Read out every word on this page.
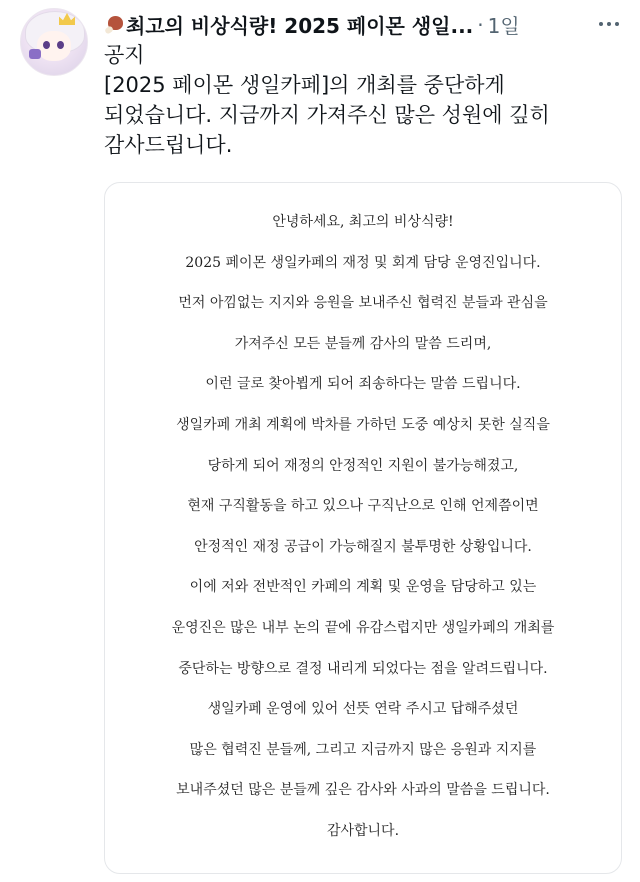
최고의 비상식량! 2025 페이몬 생일... · 1일
공지
[2025 페이몬 생일카페]의 개최를 중단하게
되었습니다. 지금까지 가져주신 많은 성원에 깊히
감사드립니다.
안녕하세요, 최고의 비상식량!
2025 페이몬 생일카페의 재정 및 회계 담당 운영진입니다.
먼저 아낌없는 지지와 응원을 보내주신 협력진 분들과 관심을
가져주신 모든 분들께 감사의 말씀 드리며,
이런 글로 찾아뵙게 되어 죄송하다는 말씀 드립니다.
생일카페 개최 계획에 박차를 가하던 도중 예상치 못한 실직을
당하게 되어 재정의 안정적인 지원이 불가능해졌고,
현재 구직활동을 하고 있으나 구직난으로 인해 언제쯤이면
안정적인 재정 공급이 가능해질지 불투명한 상황입니다.
이에 저와 전반적인 카페의 계획 및 운영을 담당하고 있는
운영진은 많은 내부 논의 끝에 유감스럽지만 생일카페의 개최를
중단하는 방향으로 결정 내리게 되었다는 점을 알려드립니다.
생일카페 운영에 있어 선뜻 연락 주시고 답해주셨던
많은 협력진 분들께, 그리고 지금까지 많은 응원과 지지를
보내주셨던 많은 분들께 깊은 감사와 사과의 말씀을 드립니다.
감사합니다.
